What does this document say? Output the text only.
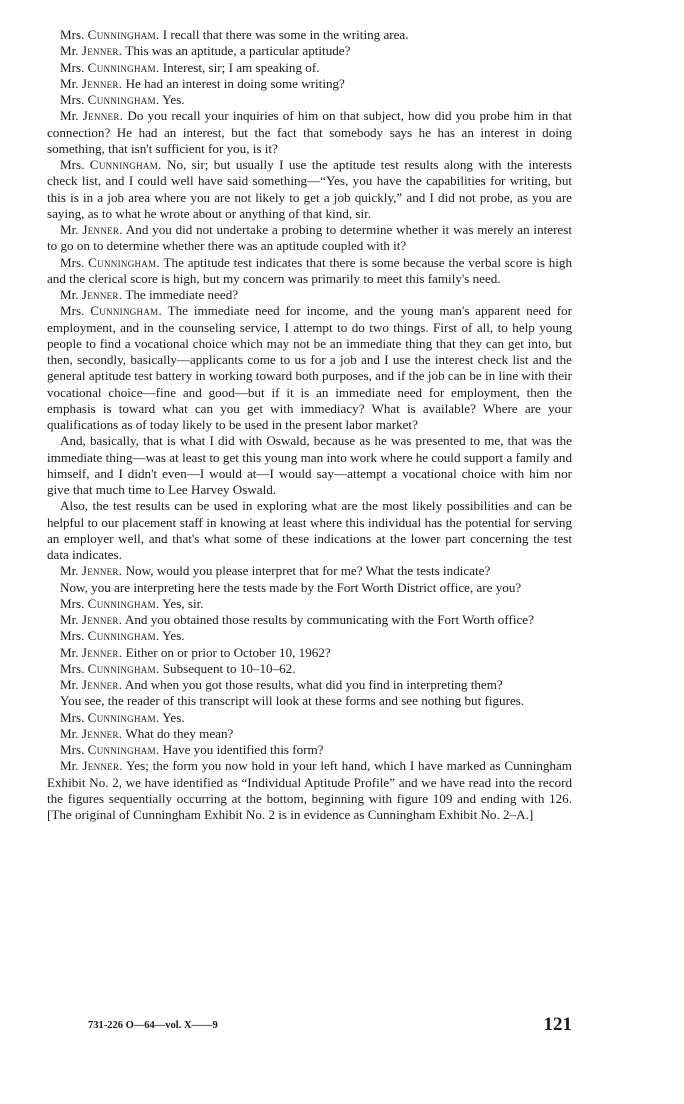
Mrs. Cunningham. I recall that there was some in the writing area.

Mr. Jenner. This was an aptitude, a particular aptitude?

Mrs. Cunningham. Interest, sir; I am speaking of.

Mr. Jenner. He had an interest in doing some writing?

Mrs. Cunningham. Yes.

Mr. Jenner. Do you recall your inquiries of him on that subject, how did you probe him in that connection? He had an interest, but the fact that somebody says he has an interest in doing something, that isn't sufficient for you, is it?

Mrs. Cunningham. No, sir; but usually I use the aptitude test results along with the interests check list, and I could well have said something—“Yes, you have the capabilities for writing, but this is in a job area where you are not likely to get a job quickly,” and I did not probe, as you are saying, as to what he wrote about or anything of that kind, sir.

Mr. Jenner. And you did not undertake a probing to determine whether it was merely an interest to go on to determine whether there was an aptitude coupled with it?

Mrs. Cunningham. The aptitude test indicates that there is some because the verbal score is high and the clerical score is high, but my concern was primarily to meet this family's need.

Mr. Jenner. The immediate need?

Mrs. Cunningham. The immediate need for income, and the young man's apparent need for employment, and in the counseling service, I attempt to do two things. First of all, to help young people to find a vocational choice which may not be an immediate thing that they can get into, but then, secondly, basically—applicants come to us for a job and I use the interest check list and the general aptitude test battery in working toward both purposes, and if the job can be in line with their vocational choice—fine and good—but if it is an immediate need for employment, then the emphasis is toward what can you get with immediacy? What is available? Where are your qualifications as of today likely to be used in the present labor market?

And, basically, that is what I did with Oswald, because as he was presented to me, that was the immediate thing—was at least to get this young man into work where he could support a family and himself, and I didn't even—I would at—I would say—attempt a vocational choice with him nor give that much time to Lee Harvey Oswald.

Also, the test results can be used in exploring what are the most likely possibilities and can be helpful to our placement staff in knowing at least where this individual has the potential for serving an employer well, and that's what some of these indications at the lower part concerning the test data indicates.

Mr. Jenner. Now, would you please interpret that for me? What the tests indicate?

Now, you are interpreting here the tests made by the Fort Worth District office, are you?

Mrs. Cunningham. Yes, sir.

Mr. Jenner. And you obtained those results by communicating with the Fort Worth office?

Mrs. Cunningham. Yes.

Mr. Jenner. Either on or prior to October 10, 1962?

Mrs. Cunningham. Subsequent to 10–10–62.

Mr. Jenner. And when you got those results, what did you find in interpreting them?

You see, the reader of this transcript will look at these forms and see nothing but figures.

Mrs. Cunningham. Yes.

Mr. Jenner. What do they mean?

Mrs. Cunningham. Have you identified this form?

Mr. Jenner. Yes; the form you now hold in your left hand, which I have marked as Cunningham Exhibit No. 2, we have identified as “Individual Aptitude Profile” and we have read into the record the figures sequentially occurring at the bottom, beginning with figure 109 and ending with 126. [The original of Cunningham Exhibit No. 2 is in evidence as Cunningham Exhibit No. 2–A.]

731-226 O—64—vol. X——9	121
